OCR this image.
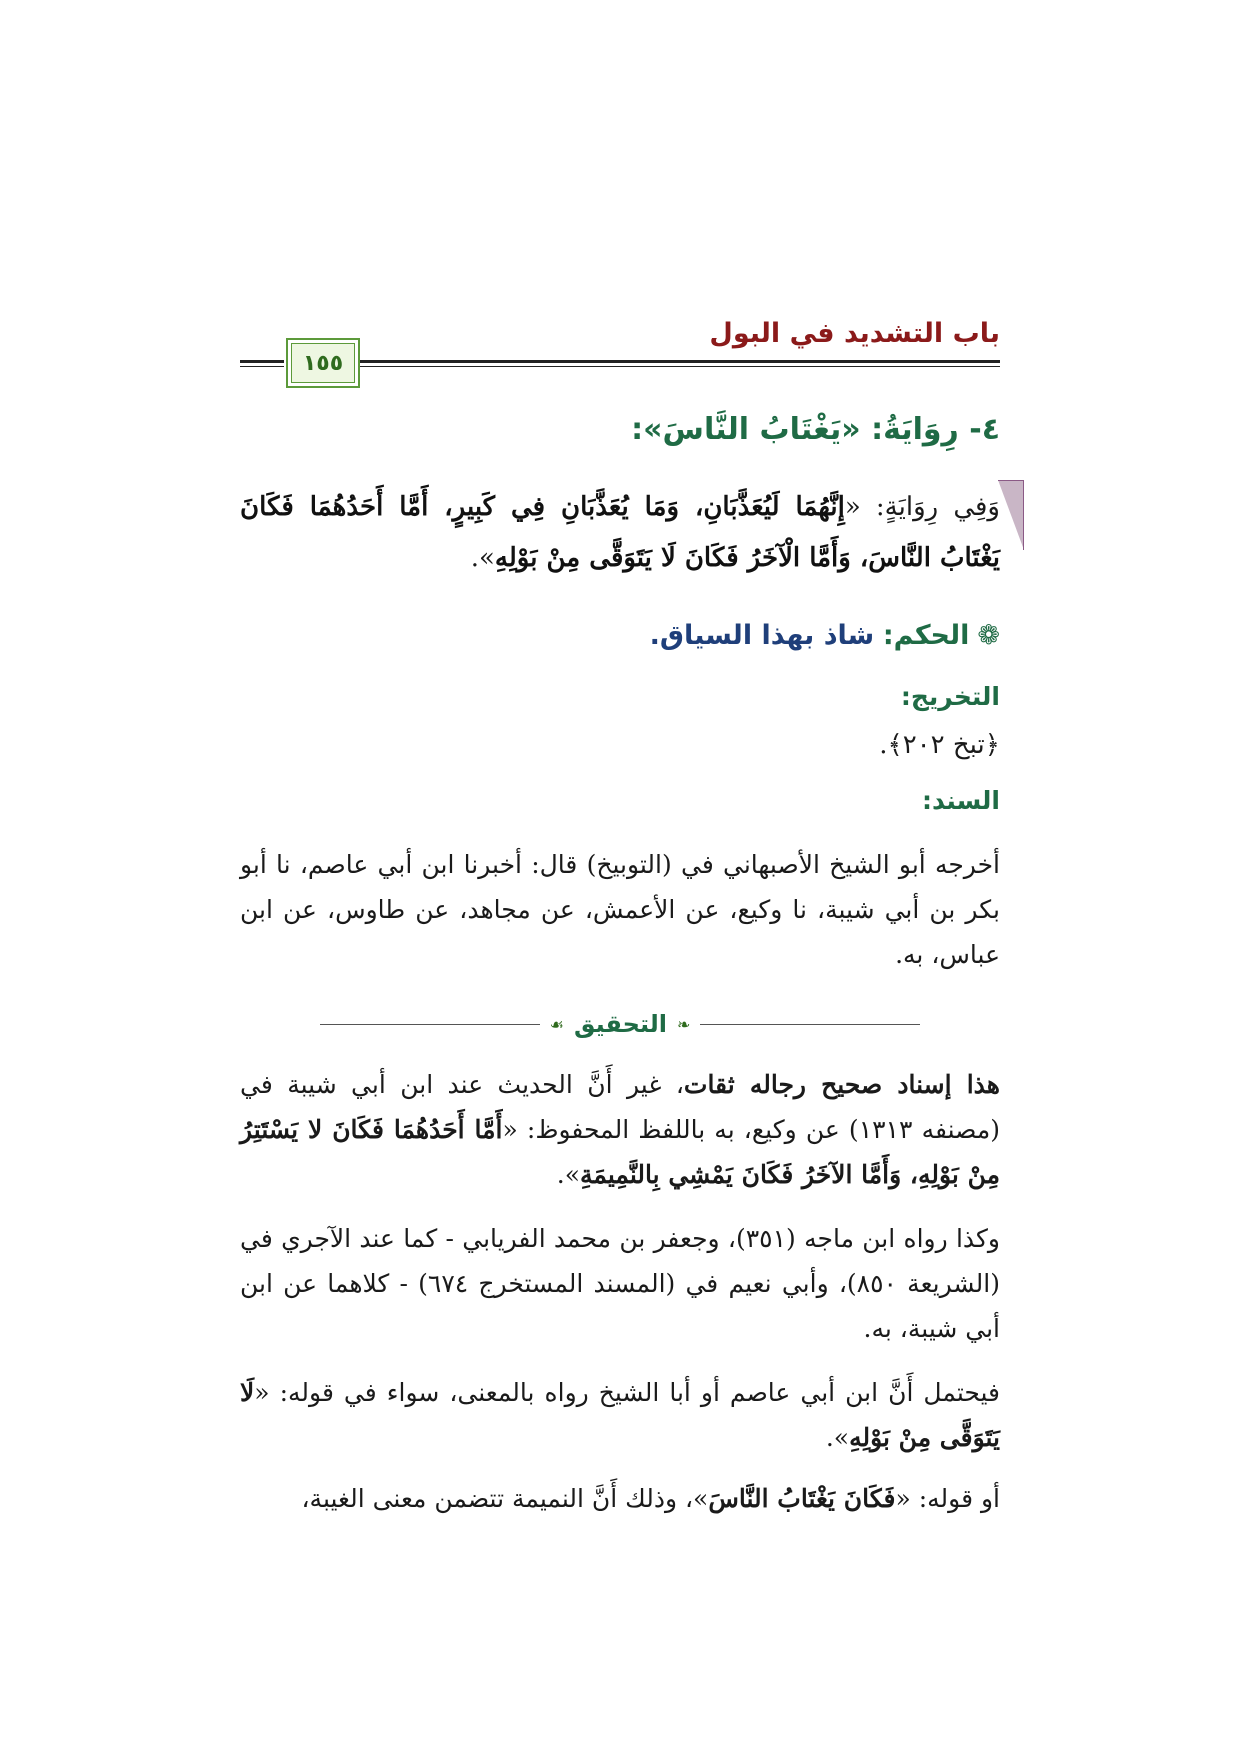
باب التشديد في البول
١٥٥
٤- رِوَايَةُ: «يَغْتَابُ النَّاسَ»:
وَفِي رِوَايَةٍ: «إِنَّهُمَا لَيُعَذَّبَانِ، وَمَا يُعَذَّبَانِ فِي كَبِيرٍ، أَمَّا أَحَدُهُمَا فَكَانَ يَغْتَابُ النَّاسَ، وَأَمَّا الْآخَرُ فَكَانَ لَا يَتَوَقَّى مِنْ بَوْلِهِ».
❁الحكم: شاذ بهذا السياق.
التخريج:
﴿تبخ ٢٠٢﴾.
السند:
أخرجه أبو الشيخ الأصبهاني في (التوبيخ) قال: أخبرنا ابن أبي عاصم، نا أبو بكر بن أبي شيبة، نا وكيع، عن الأعمش، عن مجاهد، عن طاوس، عن ابن عباس، به.
❧
التحقيق
☙
هذا إسناد صحيح رجاله ثقات، غير أَنَّ الحديث عند ابن أبي شيبة في (مصنفه ١٣١٣) عن وكيع، به باللفظ المحفوظ: «أَمَّا أَحَدُهُمَا فَكَانَ لا يَسْتَتِرُ مِنْ بَوْلِهِ، وَأَمَّا الآخَرُ فَكَانَ يَمْشِي بِالنَّمِيمَةِ».
وكذا رواه ابن ماجه (٣٥١)، وجعفر بن محمد الفريابي - كما عند الآجري في (الشريعة ٨٥٠)، وأبي نعيم في (المسند المستخرج ٦٧٤) - كلاهما عن ابن أبي شيبة، به.
فيحتمل أَنَّ ابن أبي عاصم أو أبا الشيخ رواه بالمعنى، سواء في قوله: «لَا يَتَوَقَّى مِنْ بَوْلِهِ».
أو قوله: «فَكَانَ يَغْتَابُ النَّاسَ»، وذلك أَنَّ النميمة تتضمن معنى الغيبة،
